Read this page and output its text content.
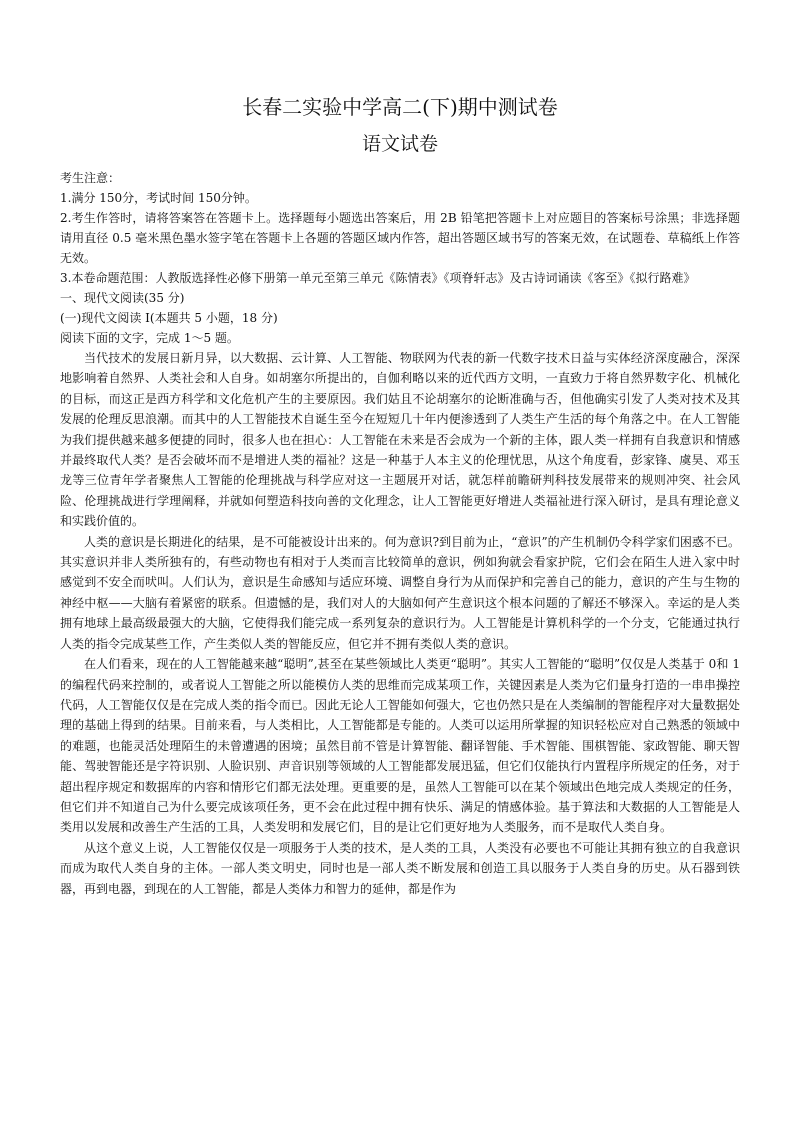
长春二实验中学高二(下)期中测试卷
语文试卷

考生注意：

1.满分 150分，考试时间 150分钟。

2.考生作答时，请将答案答在答题卡上。选择题每小题选出答案后，用 2B 铅笔把答题卡上对应题目的答案标号涂黑；非选择题请用直径 0.5 毫米黑色墨水签字笔在答题卡上各题的答题区域内作答，超出答题区域书写的答案无效，在试题卷、草稿纸上作答无效。

3.本卷命题范围：人教版选择性必修下册第一单元至第三单元《陈情表》《项脊轩志》及古诗词诵读《客至》《拟行路难》

一、现代文阅读(35 分)

(一)现代文阅读 I(本题共 5 小题，18 分)

阅读下面的文字，完成 1～5 题。

当代技术的发展日新月异，以大数据、云计算、人工智能、物联网为代表的新一代数字技术日益与实体经济深度融合，深深地影响着自然界、人类社会和人自身。如胡塞尔所提出的，自伽利略以来的近代西方文明，一直致力于将自然界数字化、机械化的目标，而这正是西方科学和文化危机产生的主要原因。我们姑且不论胡塞尔的论断准确与否，但他确实引发了人类对技术及其发展的伦理反思浪潮。而其中的人工智能技术自诞生至今在短短几十年内便渗透到了人类生产生活的每个角落之中。在人工智能为我们提供越来越多便捷的同时，很多人也在担心：人工智能在未来是否会成为一个新的主体，跟人类一样拥有自我意识和情感并最终取代人类？是否会破坏而不是增进人类的福祉？这是一种基于人本主义的伦理忧思，从这个角度看，彭家锋、虞昊、邓玉龙等三位青年学者聚焦人工智能的伦理挑战与科学应对这一主题展开对话，就怎样前瞻研判科技发展带来的规则冲突、社会风险、伦理挑战进行学理阐释，并就如何塑造科技向善的文化理念，让人工智能更好增进人类福祉进行深入研讨，是具有理论意义和实践价值的。

人类的意识是长期进化的结果，是不可能被设计出来的。何为意识?到目前为止，“意识”的产生机制仍令科学家们困惑不已。其实意识并非人类所独有的，有些动物也有相对于人类而言比较简单的意识，例如狗就会看家护院，它们会在陌生人进入家中时感觉到不安全而吠叫。人们认为，意识是生命感知与适应环境、调整自身行为从而保护和完善自己的能力，意识的产生与生物的神经中枢——大脑有着紧密的联系。但遗憾的是，我们对人的大脑如何产生意识这个根本问题的了解还不够深入。幸运的是人类拥有地球上最高级最强大的大脑，它使得我们能完成一系列复杂的意识行为。人工智能是计算机科学的一个分支，它能通过执行人类的指令完成某些工作，产生类似人类的智能反应，但它并不拥有类似人类的意识。

在人们看来，现在的人工智能越来越“聪明”,甚至在某些领域比人类更“聪明”。其实人工智能的“聪明”仅仅是人类基于 0和 1的编程代码来控制的，或者说人工智能之所以能模仿人类的思维而完成某项工作，关键因素是人类为它们量身打造的一串串操控代码，人工智能仅仅是在完成人类的指令而已。因此无论人工智能如何强大，它也仍然只是在人类编制的智能程序对大量数据处理的基础上得到的结果。目前来看，与人类相比，人工智能都是专能的。人类可以运用所掌握的知识轻松应对自己熟悉的领域中的难题，也能灵活处理陌生的未曾遭遇的困境；虽然目前不管是计算智能、翻译智能、手术智能、围棋智能、家政智能、聊天智能、驾驶智能还是字符识别、人脸识别、声音识别等领域的人工智能都发展迅猛，但它们仅能执行内置程序所规定的任务，对于超出程序规定和数据库的内容和情形它们都无法处理。更重要的是，虽然人工智能可以在某个领域出色地完成人类规定的任务，但它们并不知道自己为什么要完成该项任务，更不会在此过程中拥有快乐、满足的情感体验。基于算法和大数据的人工智能是人类用以发展和改善生产生活的工具，人类发明和发展它们，目的是让它们更好地为人类服务，而不是取代人类自身。

从这个意义上说，人工智能仅仅是一项服务于人类的技术，是人类的工具，人类没有必要也不可能让其拥有独立的自我意识而成为取代人类自身的主体。一部人类文明史，同时也是一部人类不断发展和创造工具以服务于人类自身的历史。从石器到铁器，再到电器，到现在的人工智能，都是人类体力和智力的延伸，都是作为
